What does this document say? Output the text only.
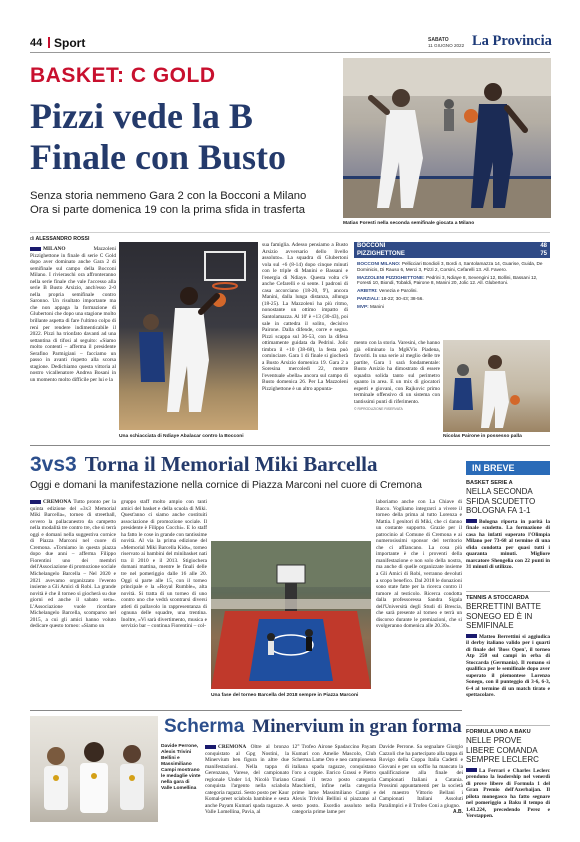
44 Sport	SABATO
11 GIUGNO 2022 La Provincia
BASKET: C GOLD
Pizzi vede la B
Finale con Busto
Senza storia nemmeno Gara 2 con la Bocconi a Milano
Ora si parte domenica 19 con la prima sfida in trasferta
Matias Foresti nella seconda semifinale giocata a Milano
di ALESSANDRO ROSSI

MILANO	Mazzoleni Pizzighettone in finale di serie C Gold dopo aver dominato anche Gara 2 di semifinale sul campo della Bocconi Milano. I rivieraschi ora affronteranno nella serie finale che vale l'accesso alla serie B Busto Arsizio, anch'esso 2-0 nella propria semifinale contro Saronno. Un risultato importante ma che non appaga la formazione di Glubertoni che dopo una stagione molto brillante aspetta di fare l'ultimo colpo di reni per rendere indimenticabile il 2022. Pizzi ha trionfato davanti ad una settantina di tifosi al seguito: «Siamo molto contenti – afferma il presidente Serafino Parmigiani – facciamo un passo in avanti rispetto alla scorsa stagione. Dedichiamo questa vittoria al nostro vicallenatore Andrea Bosani in un momento molto difficile per lui e la

Una schiacciata di Ndiaye Abalacar contro la Bocconi

sua famiglia. Adesso pensiamo a Busto Arsizio avversario dello livello assoluto». La squadra di Glubertoni vola sul +6 (8-14) dopo cinque minuti con le triple di Manini e Bassani e l'energia di Ndiaye. Questa volta c'è anche Cefarelli e si sente. I padroni di casa accorciano (18-20, 9'), ancora Manini, dalla lunga distanza, allunga (18-25). La Mazzoleni ha più ritmo, nonostante un ottimo impatto di Santolamazza. Al 10' è +13 (30-43), poi sale in cattedra il solito, decisivo Pairone. Dalla difende, corre e segna. Pizzi scappa sul 36-53, con la difesa ottimamente guidata da Pedrini. Jolic timbra il +10 (38-68), la festa può cominciare. Gara 1 di finale si giocherà a Busto Arsizio domenica 19. Gara 2 a Soresina mercoledì 22, mentre l'eventuale «bella» ancora sul campo di Busto domenica 26. Per La Mazzoleni Pizzighettone è un altro appunta-

BOCCONI	48
PIZZIGHETTONE	75
BOCCONI MILANO: Pellicciari Bondioli 3, Bordi 4, Santolamazza 14, Guarise, Guida, De Dominicis, Di Rauso 6, Merci 3, Pizzi 2, Corsini, Cefarelli 13. All. Favero.
MAZZOLENI PIZZIGHETTONE: Pedrini 3, Ndiaye 8, Sevengini 12, Bollini, Bassani 12, Foresti 10, Biondi, Tobaldi, Pairone 8, Manini 20, Jolic 12. All. Glubertoni.
ARBITRI: Venezia e Parolini.
PARZIALI: 18-22; 30-43; 38-56.
MVP: Manini

mento con la storia. Varesini, che hanno già eliminato la MgKVis Piadena, favoriti. In una serie al meglio delle tre partite, Gara 1 sarà fondamentale: Busto Arsizio ha dimostrato di essere squadra solida tanto sul perimetro quanto in area. E un mix di giocatori esperti e giovani, con Rajkovic primo terminale offensivo di un sistema con tantissimi punti di riferimento.

© RIPRODUZIONE RISERVATA

Nicolas Pairone in possesso palla
3vs3 Torna il Memorial Miki Barcella
Oggi e domani la manifestazione nella cornice di Piazza Marconi nel cuore di Cremona

CREMONA Tutto pronto per la quinta edizione del «3x3 Memorial Miki Barcella», torneo di streetball, ovvero la pallacanestro da campetto nella modalità tre contro tre, che si terrà oggi e domani nella suggestiva cornice di Piazza Marconi nel cuore di Cremona. «Torniamo in questa piazza dopo due anni – afferma Filippo Fiorentini uno dei membri dell'Associazione di promozione sociale Michelangelo Barcella – Nel 2020 e 2021 avevamo organizzato l'evento insieme a Gli Amici di Robi. La grande novità è che il torneo si giocherà su due giorni ed anche il sabato sera». L'Associazione vuole ricordare Michelangelo Barcella, scomparso nel 2015, a cui gli amici hanno voluto dedicare questo torneo: «Siamo un

gruppo staff molto ampio con tanti amici del basket e della scuola di Miki. Quest'anno ci siamo anche costituiti associazione di promozione sociale. Il presidente è Filippo Cocchi». E lo staff ha fatto le cose in grande con tantissime novità. Al via la prima edizione del «Memorial Miki Barcella Kids», torneo riservato ai bambini del minibasket nati tra il 2010 e il 2013. Stigiochera domani mattina, mentre le finali delle tre nel pomeriggio dalle 16 alle 20. Oggi si parte alle 15, con il torneo principale e la «Royal Rumble», alta novità. Si tratta di un torneo di uno contro uno che vedrà scontrarsi diversi atleti di pallavolo in rappresentanza di ognuna delle squadre, una trentina. Inoltre, «Vi sarà divertimento, musica e servizio bar – continua Fiorentini – col-

Una fase del torneo Barcella del 2018 sempre in Piazza Marconi

laboriamo anche con La Chiave di Bacco. Vogliamo integrarci a vivere il torneo della prima al tutto Lorenza e Mattia. I genitori di Miki, che ci danno un costante supporto. Grazie per il patrocinio al Comune di Cremona e ai numerosissimi sponsor del territorio che ci affiancano. La cosa più importante è che i proventi della manifestazione e non solo della nostra, ma anche di quelle organizzate insieme a Gli Amici di Robi, verranno devoluti a scopo benefico. Dal 2018 le donazioni sono state fatte per la ricerca contro il tumore al testicolo. Ricerca condotta dalla professoressa Sandra Sigala dell'Università degli Studi di Brescia, che sarà presente al torneo e terrà un discorso durante le premiazioni, che si svolgeranno domenica alle 20.30».

IN BREVE
BASKET SERIE A
NELLA SECONDA SFIDA SCUDETTO BOLOGNA FA 1-1
Bologna riporta in parità la finale scudetto. La formazione di casa ha infatti superato l'Olimpia Milano per 73-68 al termine di una sfida condotta per quasi tutti i quaranta minuti. Migliore marcatore Shengelia con 22 punti in 31 minuti di utilizzo.
TENNIS A STOCCARDA
BERRETTINI BATTE SONEGO ED È IN SEMIFINALE
Matteo Berrettini si aggiudica il derby italiano valido per i quarti di finale del 'Boss Open', il torneo Atp 250 sul campi in erba di Stoccarda (Germania). Il romano si qualifica per le semifinale dopo aver superato il piemontese Lorenzo Sonego, con il punteggio di 3-6, 6-3, 6-4 al termine di un match tirato e spettacolare.
FORMULA UNO A BAKU
NELLE PROVE LIBERE COMANDA SEMPRE LECLERC
La Ferrari e Charles Leclerc prendono la leadership nel venerdì di prove libere di Formula 1 del Gran Premio dell'Azerbaijan. Il pilota monegasco ha fatto segnare nel pomeriggio a Baku il tempo di 1.43.224, precedendo Perez e Verstappen.
Scherma Minervium in gran forma
Davide Perrone, Alexis Trivini Bellini e Massimiliano Campi mostrano le medaglie vinte nella gara di Valle Lomellina

CREMONA Oltre al bronzo conquistato al Gpg Nostini, la Minervium ben figura in altre due manifestazioni. Nella tappa di Gerenzano, Varese, del campionato regionale Under 14, Nicolò Turiano conquista l'argento nella sciabola categoria ragazzi. Sesto posto per Kaur Komal-preet sciabola bambine e sesta anche Payam Kumari spada ragazze. A Valle Lomellina, Pavia, al

12° Trofeo Airone Spadaccino Payam Kumari con Amelie Mascolo, Club Scherma Lame Oro e neo campionessa italiana spada ragazze, conquistano l'oro a coppie. Enrico Grassi e Pietro Grassi il terzo posto categoria Maschietti, infine nella categoria prime lame Massimiliano Campi e Alexis Trivini Bellini si piazzano al sesto posto. Esordio assoluto nella categoria prime lame per

Davide Perrone. Sa segnalare Giorgio Cazzoli che ha partecipato alla tappa di Rovigo della Coppa Italia Cadetti e Giovani e per un soffio ha mancato la qualificazione alla finale dei Campionati Italiani a Catania. Prossimi appuntamenti per la società del maestro Vittorio Bellani i Campionati Italiani Assoluti Paralimpici e il Trofeo Coni a giugno.

A.B.
